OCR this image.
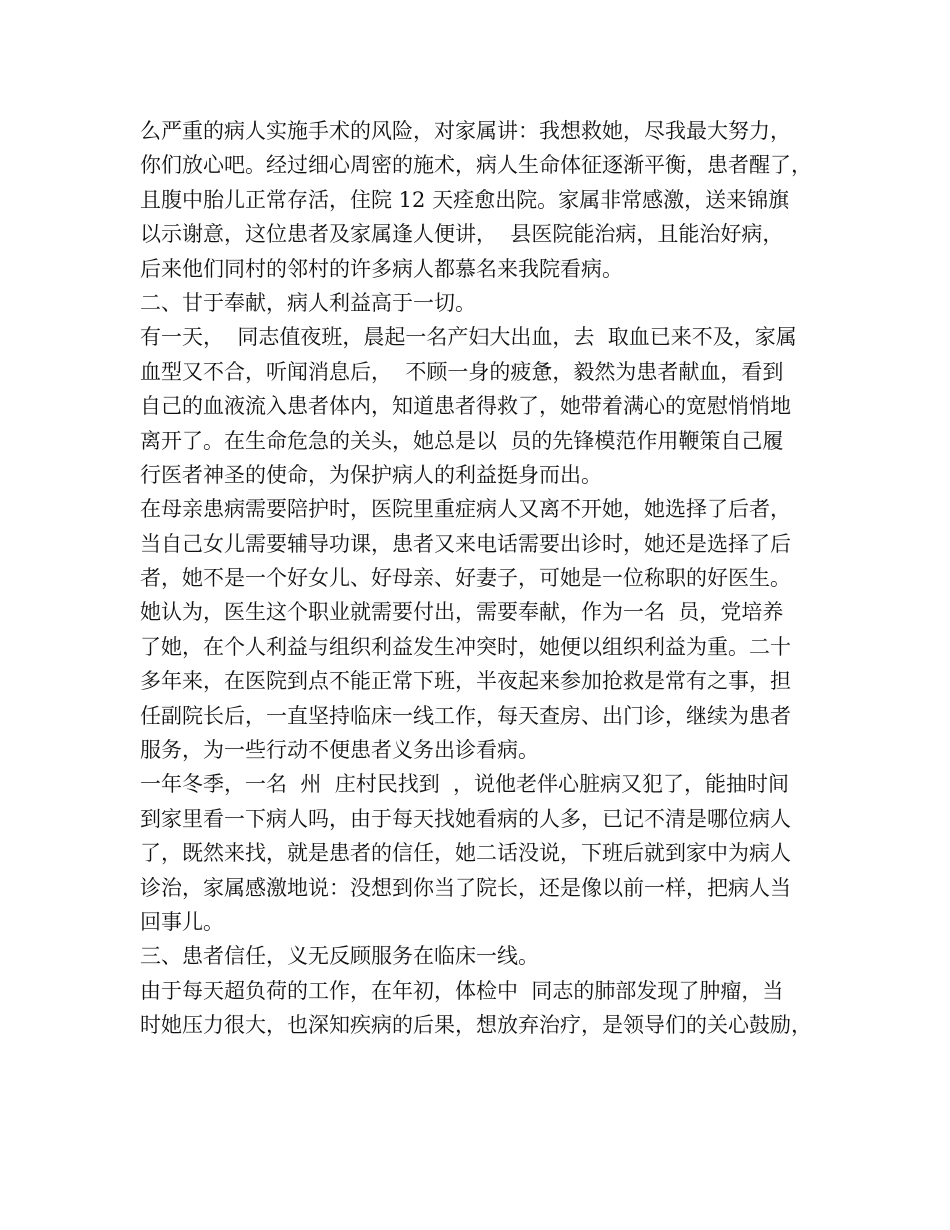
么严重的病人实施手术的风险，对家属讲：我想救她，尽我最大努力，
你们放心吧。经过细心周密的施术，病人生命体征逐渐平衡，患者醒了，
且腹中胎儿正常存活，住院 12 天痊愈出院。家属非常感激，送来锦旗
以示谢意，这位患者及家属逢人便讲，  县医院能治病，且能治好病，
后来他们同村的邻村的许多病人都慕名来我院看病。
二、甘于奉献，病人利益高于一切。
有一天，  同志值夜班，晨起一名产妇大出血，去  取血已来不及，家属
血型又不合，听闻消息后，  不顾一身的疲惫，毅然为患者献血，看到
自己的血液流入患者体内，知道患者得救了，她带着满心的宽慰悄悄地
离开了。在生命危急的关头，她总是以  员的先锋模范作用鞭策自己履
行医者神圣的使命，为保护病人的利益挺身而出。
在母亲患病需要陪护时，医院里重症病人又离不开她，她选择了后者，
当自己女儿需要辅导功课，患者又来电话需要出诊时，她还是选择了后
者，她不是一个好女儿、好母亲、好妻子，可她是一位称职的好医生。
她认为，医生这个职业就需要付出，需要奉献，作为一名  员，党培养
了她，在个人利益与组织利益发生冲突时，她便以组织利益为重。二十
多年来，在医院到点不能正常下班，半夜起来参加抢救是常有之事，担
任副院长后，一直坚持临床一线工作，每天查房、出门诊，继续为患者
服务，为一些行动不便患者义务出诊看病。
一年冬季，一名  州  庄村民找到  ，说他老伴心脏病又犯了，能抽时间
到家里看一下病人吗，由于每天找她看病的人多，已记不清是哪位病人
了，既然来找，就是患者的信任，她二话没说，下班后就到家中为病人
诊治，家属感激地说：没想到你当了院长，还是像以前一样，把病人当
回事儿。
三、患者信任，义无反顾服务在临床一线。
由于每天超负荷的工作，在年初，体检中  同志的肺部发现了肿瘤，当
时她压力很大，也深知疾病的后果，想放弃治疗，是领导们的关心鼓励，
